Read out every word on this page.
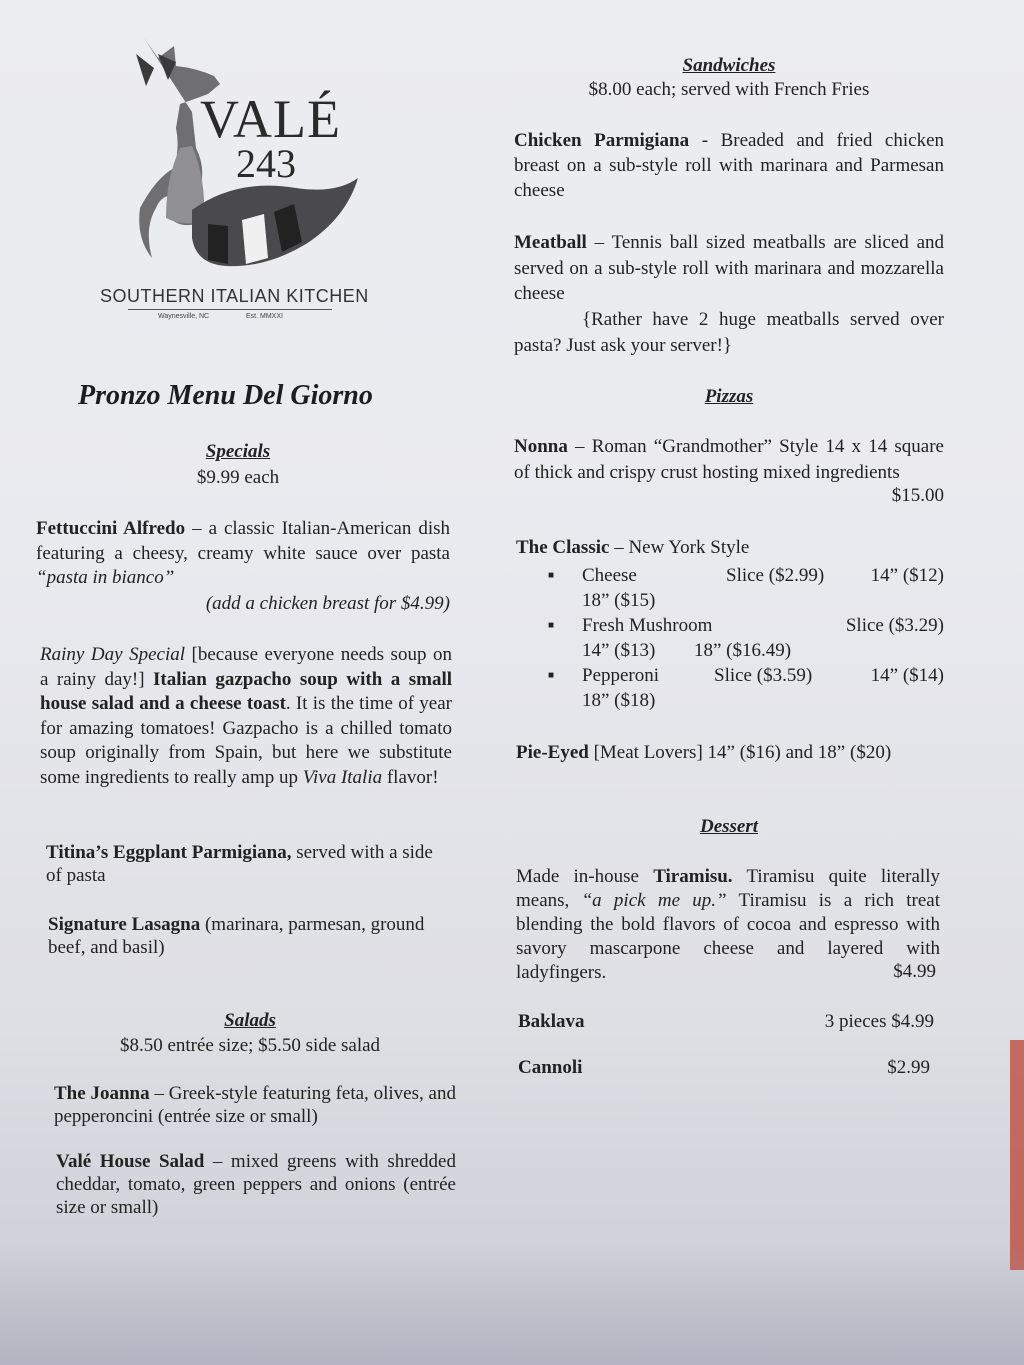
VALÉ
243
SOUTHERN ITALIAN KITCHEN
Waynesville, NC	Est. MMXXI
Pronzo Menu Del Giorno
Specials
$9.99 each
Fettuccini Alfredo – a classic Italian-American dish featuring a cheesy, creamy white sauce over pasta “pasta in bianco”
(add a chicken breast for $4.99)
Rainy Day Special [because everyone needs soup on a rainy day!] Italian gazpacho soup with a small house salad and a cheese toast. It is the time of year for amazing tomatoes! Gazpacho is a chilled tomato soup originally from Spain, but here we substitute some ingredients to really amp up Viva Italia flavor!
Titina’s Eggplant Parmigiana, served with a side of pasta
Signature Lasagna (marinara, parmesan, ground beef, and basil)
Salads
$8.50 entrée size; $5.50 side salad
The Joanna – Greek-style featuring feta, olives, and pepperoncini (entrée size or small)
Valé House Salad – mixed greens with shredded cheddar, tomato, green peppers and onions (entrée size or small)
Sandwiches
$8.00 each; served with French Fries
Chicken Parmigiana - Breaded and fried chicken breast on a sub-style roll with marinara and Parmesan cheese
Meatball – Tennis ball sized meatballs are sliced and served on a sub-style roll with marinara and mozzarella cheese
{Rather have 2 huge meatballs served over pasta? Just ask your server!}
Pizzas
Nonna – Roman “Grandmother” Style 14 x 14 square of thick and crispy crust hosting mixed ingredients
$15.00
The Classic – New York Style
■	Cheese	Slice ($2.99)	14” ($12)
18” ($15)
■	Fresh Mushroom	Slice ($3.29)
14” ($13)	18” ($16.49)
■	Pepperoni	Slice ($3.59)	14” ($14)
18” ($18)
Pie-Eyed [Meat Lovers] 14” ($16) and 18” ($20)
Dessert
Made in-house Tiramisu. Tiramisu quite literally means, “a pick me up.” Tiramisu is a rich treat blending the bold flavors of cocoa and espresso with savory mascarpone cheese and layered with ladyfingers.	$4.99
Baklava	3 pieces $4.99
Cannoli	$2.99
